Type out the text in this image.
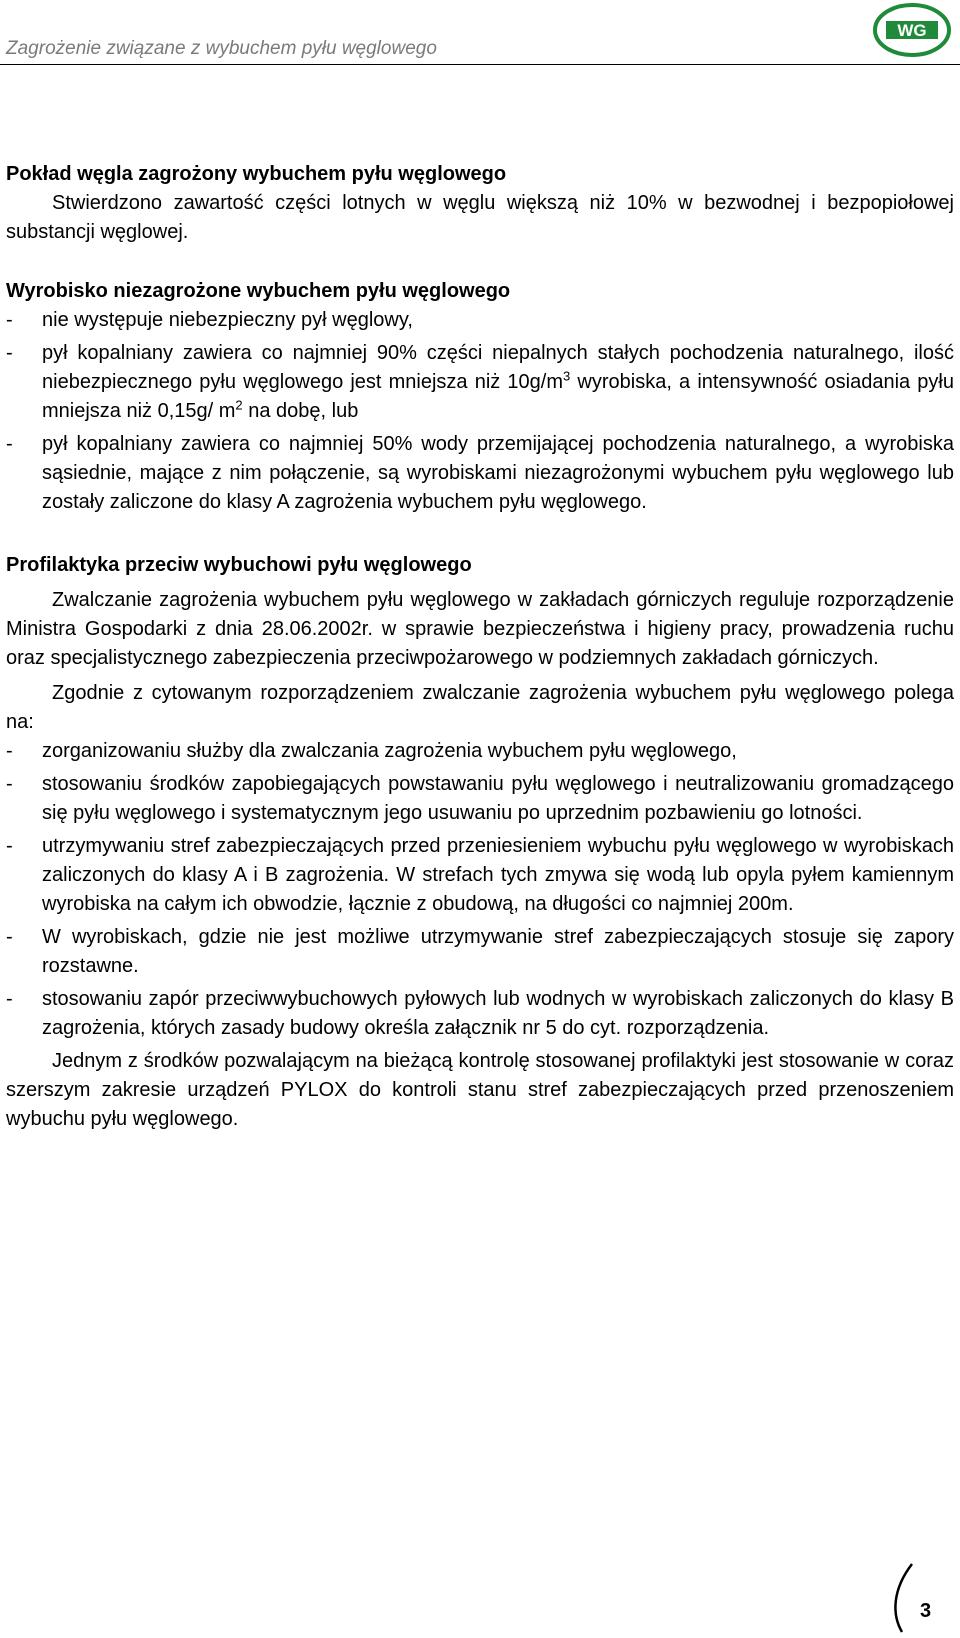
Zagrożenie związane z wybuchem pyłu węglowego
WG

Pokład węgla zagrożony wybuchem pyłu węglowego

Stwierdzono zawartość części lotnych w węglu większą niż 10% w bezwodnej i bezpopiołowej substancji węglowej.

Wyrobisko niezagrożone wybuchem pyłu węglowego

- nie występuje niebezpieczny pył węglowy,
- pył kopalniany zawiera co najmniej 90% części niepalnych stałych pochodzenia naturalnego, ilość niebezpiecznego pyłu węglowego jest mniejsza niż $10g/m^3$ wyrobiska, a intensywność osiadania pyłu mniejsza niż 0,15g/ $m^2$ na dobę, lub
- pył kopalniany zawiera co najmniej 50% wody przemijającej pochodzenia naturalnego, a wyrobiska sąsiednie, mające z nim połączenie, są wyrobiskami niezagrożonymi wybuchem pyłu węglowego lub zostały zaliczone do klasy A zagrożenia wybuchem pyłu węglowego.

Profilaktyka przeciw wybuchowi pyłu węglowego

Zwalczanie zagrożenia wybuchem pyłu węglowego w zakładach górniczych reguluje rozporządzenie Ministra Gospodarki z dnia 28.06.2002r. w sprawie bezpieczeństwa i higieny pracy, prowadzenia ruchu oraz specjalistycznego zabezpieczenia przeciwpożarowego w podziemnych zakładach górniczych.

Zgodnie z cytowanym rozporządzeniem zwalczanie zagrożenia wybuchem pyłu węglowego polega na:

- zorganizowaniu służby dla zwalczania zagrożenia wybuchem pyłu węglowego,
- stosowaniu środków zapobiegających powstawaniu pyłu węglowego i neutralizowaniu gromadzącego się pyłu węglowego i systematycznym jego usuwaniu po uprzednim pozbawieniu go lotności.
- utrzymywaniu stref zabezpieczających przed przeniesieniem wybuchu pyłu węglowego w wyrobiskach zaliczonych do klasy A i B zagrożenia. W strefach tych zmywa się wodą lub opyla pyłem kamiennym wyrobiska na całym ich obwodzie, łącznie z obudową, na długości co najmniej 200m.
- W wyrobiskach, gdzie nie jest możliwe utrzymywanie stref zabezpieczających stosuje się zapory rozstawne.
- stosowaniu zapór przeciwwybuchowych pyłowych lub wodnych w wyrobiskach zaliczonych do klasy B zagrożenia, których zasady budowy określa załącznik nr 5 do cyt. rozporządzenia.

Jednym z środków pozwalającym na bieżącą kontrolę stosowanej profilaktyki jest stosowanie w coraz szerszym zakresie urządzeń PYLOX do kontroli stanu stref zabezpieczających przed przenoszeniem wybuchu pyłu węglowego.

3
